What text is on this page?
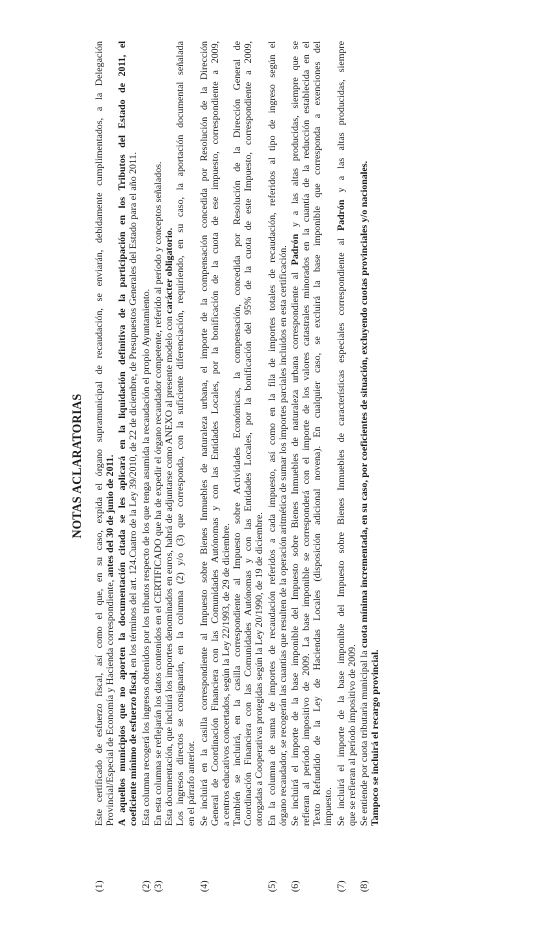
NOTAS ACLARATORIAS
(1)
Este certificado de esfuerzo fiscal, así como el que, en su caso, expida el órgano supramunicipal de recaudación, se enviarán, debidamente cumplimentados, a la Delegación Provincial/Especial de Economía y Hacienda correspondiente, antes del 30 de junio de 2011. A aquellos municipios que no aporten la documentación citada se les aplicará en la liquidación definitiva de la participación en los Tributos del Estado de 2011, el coeficiente mínimo de esfuerzo fiscal, en los términos del art. 124.Cuatro de la Ley 39/2010, de 22 de diciembre, de Presupuestos Generales del Estado para el año 2011.
(2)
Esta columna recogerá los ingresos obtenidos por los tributos respecto de los que tenga asumida la recaudación el propio Ayuntamiento.
(3)
En esta columna se reflejarán los datos contenidos en el CERTIFICADO que ha de expedir el órgano recaudador competente, referido al período y conceptos señalados. Esta documentación, que incluirá los importes denominados en euros, habrá de adjuntarse como ANEXO al presente modelo con carácter obligatorio. Los ingresos directos se consignarán, en la columna (2) y/o (3) que corresponda, con la suficiente diferenciación, requiriendo, en su caso, la aportación documental señalada en el párrafo anterior.
(4)
Se incluirá en la casilla correspondiente al Impuesto sobre Bienes Inmuebles de naturaleza urbana, el importe de la compensación concedida por Resolución de la Dirección General de Coordinación Financiera con las Comunidades Autónomas y con las Entidades Locales, por la bonificación de la cuota de ese impuesto, correspondiente a 2009, a centros educativos concertados, según la Ley 22/1993, de 29 de diciembre. También se incluirá, en la casilla correspondiente al Impuesto sobre Actividades Económicas, la compensación, concedida por Resolución de la Dirección General de Coordinación Financiera con las Comunidades Autónomas y con las Entidades Locales, por la bonificación del 95% de la cuota de este Impuesto, correspondiente a 2009, otorgadas a Cooperativas protegidas según la Ley 20/1990, de 19 de diciembre.
(5)
En la columna de suma de importes de recaudación referidos a cada impuesto, así como en la fila de importes totales de recaudación, referidos al tipo de ingreso según el órgano recaudador, se recogerán las cuantías que resulten de la operación aritmética de sumar los importes parciales incluidos en esta certificación.
(6)
Se incluirá el importe de la base imponible del Impuesto sobre Bienes Inmuebles de naturaleza urbana correspondiente al Padrón y a las altas producidas, siempre que se refieran al período impositivo de 2009. La base imponible se corresponderá con el importe de los valores catastrales minorados en la cuantía de la reducción establecida en el Texto Refundido de la Ley de Haciendas Locales (disposición adicional novena). En cualquier caso, se excluirá la base imponible que corresponda a exenciones del impuesto.
(7)
Se incluirá el importe de la base imponible del Impuesto sobre Bienes Inmuebles de características especiales correspondiente al Padrón y a las altas producidas, siempre
que se refieran al período impositivo de 2009.
(8)
Se entiende por cuota tributaria municipal la cuota mínima incrementada, en su caso, por coeficientes de situación, excluyendo cuotas provinciales y/o nacionales.
Tampoco se incluirá el recargo provincial.
